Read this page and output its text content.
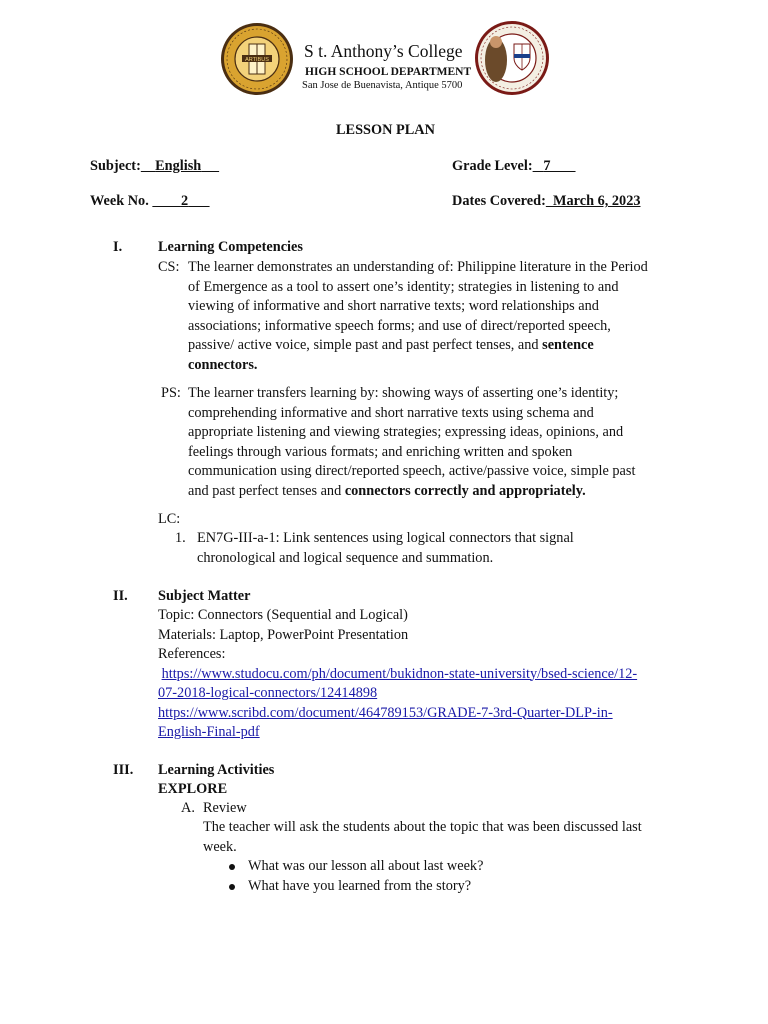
ARTIBUS S t. Anthony’s College
HIGH SCHOOL DEPARTMENT
San Jose de Buenavista, Antique 5700
LESSON PLAN
Subject: English	Grade Level: 7
Week No. 2	Dates Covered: March 6, 2023
I.	Learning Competencies
CS: The learner demonstrates an understanding of: Philippine literature in the Period
of Emergence as a tool to assert one’s identity; strategies in listening to and
viewing of informative and short narrative texts; word relationships and
associations; informative speech forms; and use of direct/reported speech,
passive/ active voice, simple past and past perfect tenses, and sentence
connectors.
PS: The learner transfers learning by: showing ways of asserting one’s identity;
comprehending informative and short narrative texts using schema and
appropriate listening and viewing strategies; expressing ideas, opinions, and
feelings through various formats; and enriching written and spoken
communication using direct/reported speech, active/passive voice, simple past
and past perfect tenses and connectors correctly and appropriately.
LC:
1. EN7G-III-a-1: Link sentences using logical connectors that signal
chronological and logical sequence and summation.
II. Subject Matter
Topic: Connectors (Sequential and Logical)
Materials: Laptop, PowerPoint Presentation
References:
https://www.studocu.com/ph/document/bukidnon-state-university/bsed-science/12-
07-2018-logical-connectors/12414898
https://www.scribd.com/document/464789153/GRADE-7-3rd-Quarter-DLP-in-
English-Final-pdf
III. Learning Activities
EXPLORE
A. Review
The teacher will ask the students about the topic that was been discussed last
week.
What was our lesson all about last week?
What have you learned from the story?
